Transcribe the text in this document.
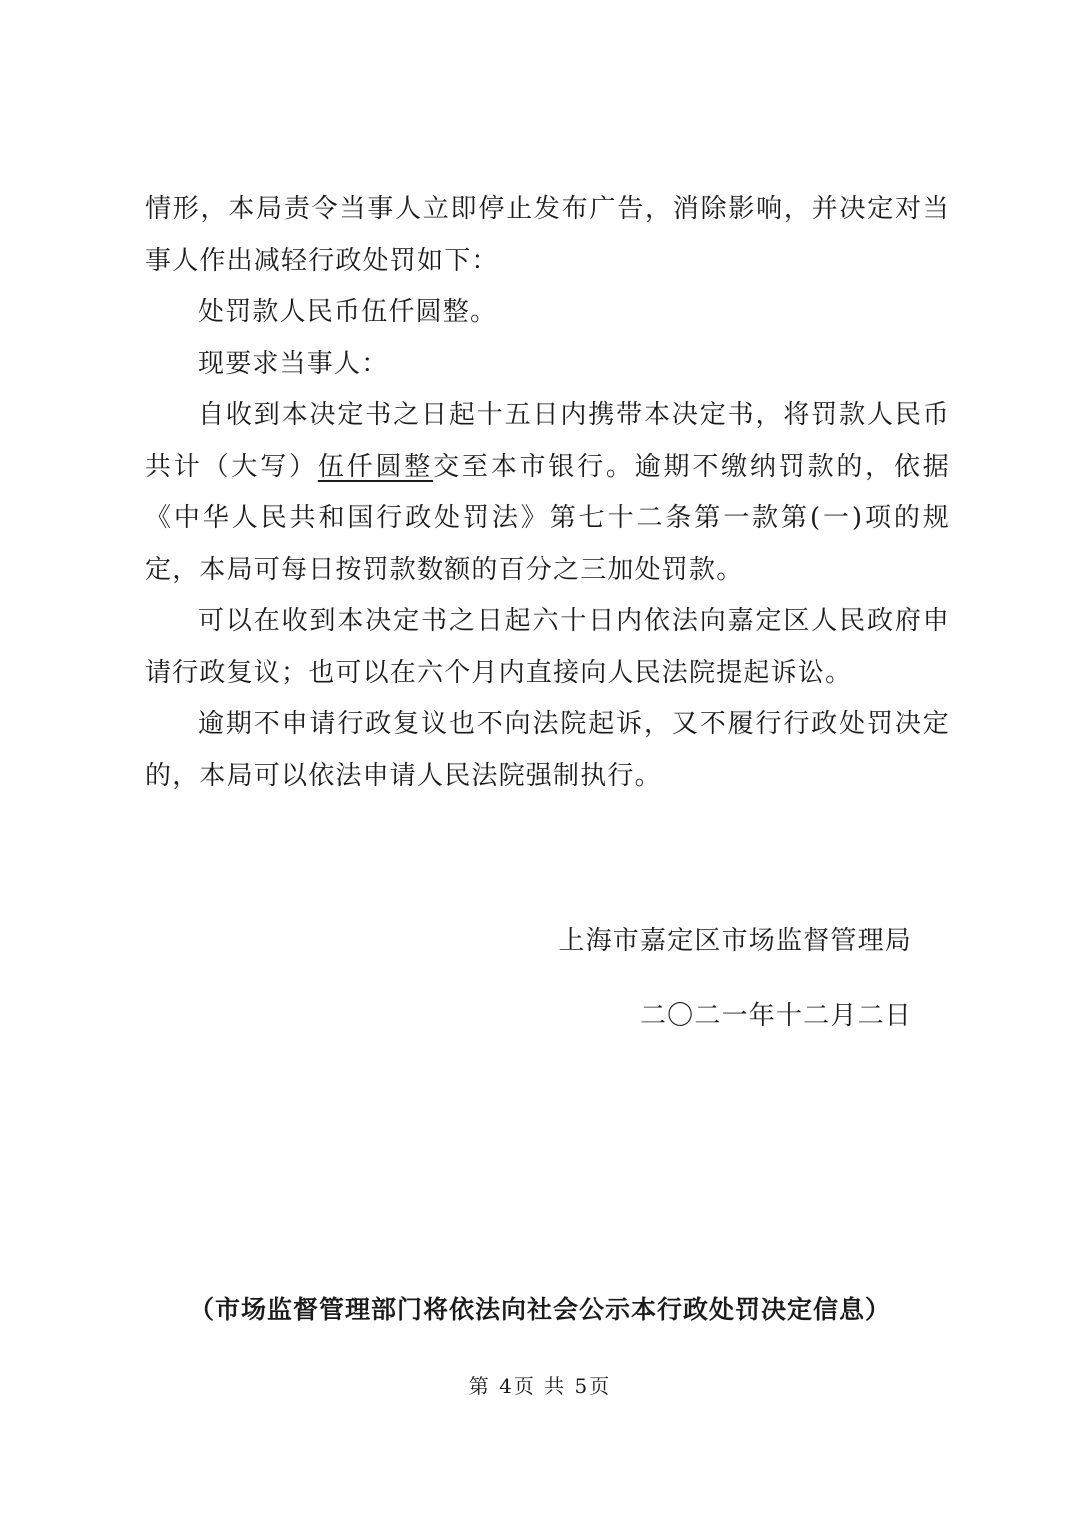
情形，本局责令当事人立即停止发布广告，消除影响，并决定对当事人作出减轻行政处罚如下：

处罚款人民币伍仟圆整。

现要求当事人：

自收到本决定书之日起十五日内携带本决定书，将罚款人民币共计（大写）伍仟圆整交至本市银行。逾期不缴纳罚款的，依据《中华人民共和国行政处罚法》第七十二条第一款第(一)项的规定，本局可每日按罚款数额的百分之三加处罚款。

可以在收到本决定书之日起六十日内依法向嘉定区人民政府申请行政复议；也可以在六个月内直接向人民法院提起诉讼。

逾期不申请行政复议也不向法院起诉，又不履行行政处罚决定的，本局可以依法申请人民法院强制执行。

上海市嘉定区市场监督管理局
二〇二一年十二月二日
（市场监督管理部门将依法向社会公示本行政处罚决定信息）
第 4页 共 5页
